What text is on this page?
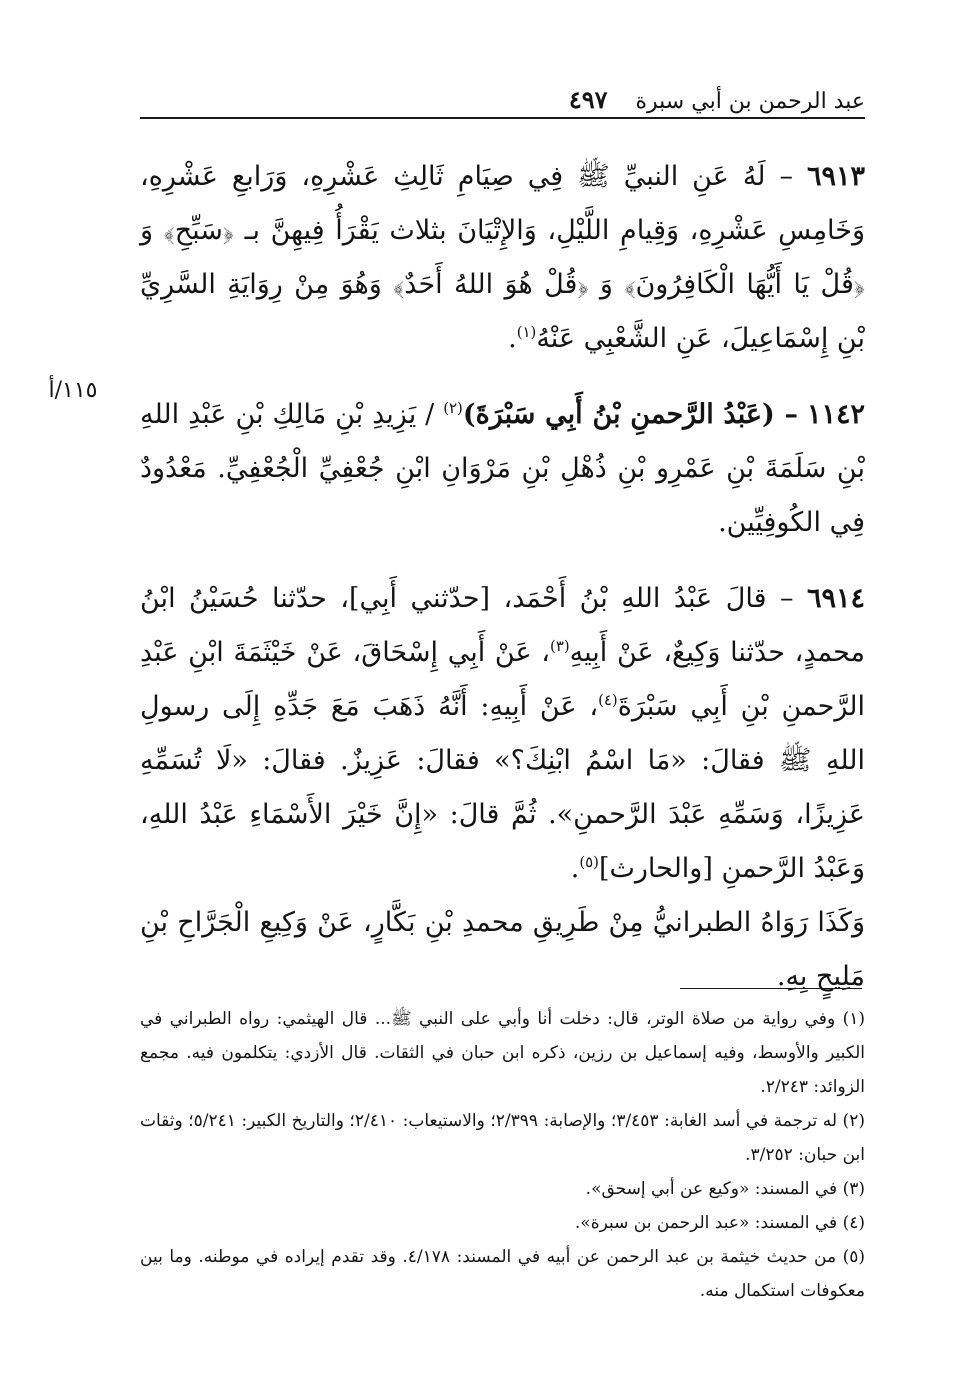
عبد الرحمن بن أبي سبرة
٤٩٧
١١٥/أ

٦٩١٣ – لَهُ عَنِ النبيِّ ﷺ فِي صِيَامِ ثَالِثِ عَشْرِهِ، وَرَابعِ عَشْرِهِ، وَخَامِسِ عَشْرِهِ، وَقِيامِ اللَّيْلِ، وَالإِتْيَانَ بثلاث يَقْرَأُ فِيهِنَّ بـ ﴿سَبِّحِ﴾ وَ ﴿قُلْ يَا أَيُّهَا الْكَافِرُونَ﴾ وَ ﴿قُلْ هُوَ اللهُ أَحَدٌ﴾ وَهُوَ مِنْ رِوَايَةِ السَّرِيِّ بْنِ إِسْمَاعِيلَ، عَنِ الشَّعْبِي عَنْهُ$^{(١)}$.

١١٤٢ – (عَبْدُ الرَّحمنِ بْنُ أَبِي سَبْرَةَ)$^{(٢)}$ / يَزِيدِ بْنِ مَالِكِ بْنِ عَبْدِ اللهِ بْنِ سَلَمَةَ بْنِ عَمْرِو بْنِ ذُهْلِ بْنِ مَرْوَانِ ابْنِ جُعْفِيِّ الْجُعْفِيِّ. مَعْدُودٌ فِي الكُوفِيِّين.

٦٩١٤ – قالَ عَبْدُ اللهِ بْنُ أَحْمَد، [حدّثني أَبِي]، حدّثنا حُسَيْنُ ابْنُ محمدٍ، حدّثنا وَكِيعٌ، عَنْ أَبِيهِ$^{(٣)}$، عَنْ أَبِي إِسْحَاقَ، عَنْ خَيْثَمَةَ ابْنِ عَبْدِ الرَّحمنِ بْنِ أَبِي سَبْرَةَ$^{(٤)}$، عَنْ أَبِيهِ: أَنَّهُ ذَهَبَ مَعَ جَدِّهِ إِلَى رسولِ اللهِ ﷺ فقالَ: «مَا اسْمُ ابْنِكَ؟» فقالَ: عَزِيزٌ. فقالَ: «لَا تُسَمِّهِ عَزِيزًا، وَسَمِّهِ عَبْدَ الرَّحمنِ». ثُمَّ قالَ: «إِنَّ خَيْرَ الأَسْمَاءِ عَبْدُ اللهِ، وَعَبْدُ الرَّحمنِ [والحارث]$^{(٥)}$.

وَكَذَا رَوَاهُ الطبرانيُّ مِنْ طَرِيقِ محمدِ بْنِ بَكَّارٍ، عَنْ وَكِيعِ الْجَرَّاحِ بْنِ مَلِيحٍ بِهِ.

(١) وفي رواية من صلاة الوتر، قال: دخلت أنا وأبي على النبي ﷺ... قال الهيثمي: رواه الطبراني في الكبير والأوسط، وفيه إسماعيل بن رزين، ذكره ابن حبان في الثقات. قال الأزدي: يتكلمون فيه. مجمع الزوائد: ٢/٢٤٣.

(٢) له ترجمة في أسد الغابة: ٣/٤٥٣؛ والإصابة: ٢/٣٩٩؛ والاستيعاب: ٢/٤١٠؛ والتاريخ الكبير: ٥/٢٤١؛ وثقات ابن حبان: ٣/٢٥٢.

(٣) في المسند: «وكيع عن أبي إسحق».

(٤) في المسند: «عبد الرحمن بن سبرة».

(٥) من حديث خيثمة بن عبد الرحمن عن أبيه في المسند: ٤/١٧٨. وقد تقدم إيراده في موطنه. وما بين معكوفات استكمال منه.
